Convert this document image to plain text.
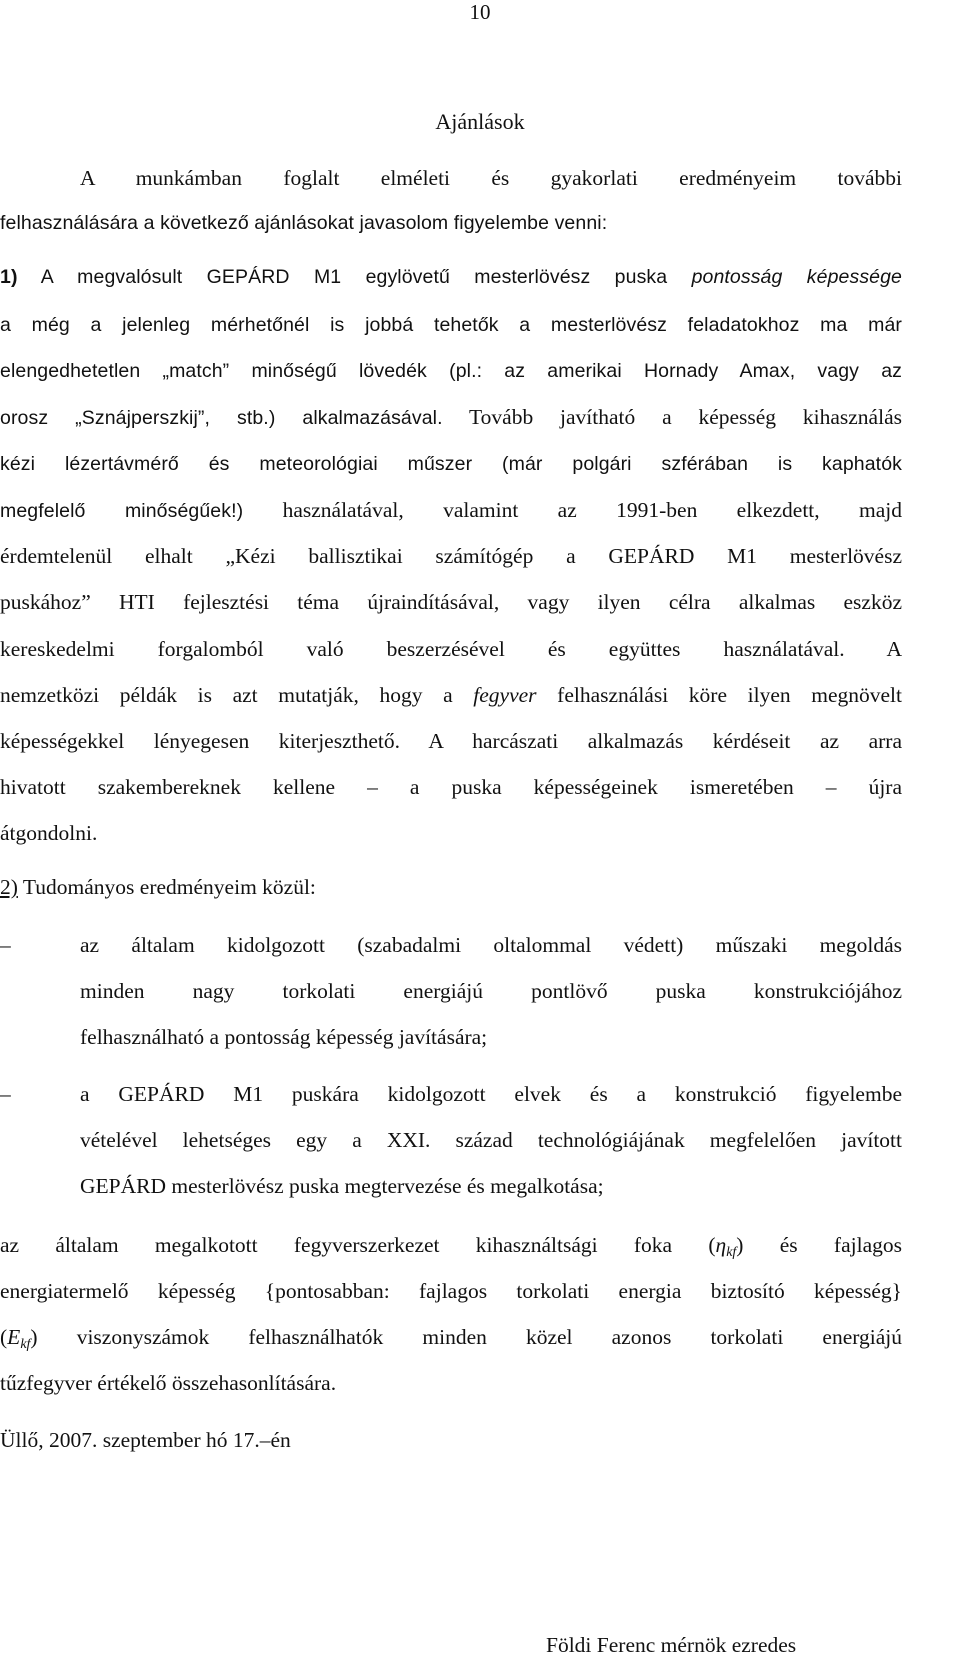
10
Ajánlások
A munkámban foglalt elméleti és gyakorlati eredményeim további
felhasználására a következő ajánlásokat javasolom figyelembe venni:
1) A megvalósult GEPÁRD M1 egylövetű mesterlövész puska pontosság képessége
a még a jelenleg mérhetőnél is jobbá tehetők a mesterlövész feladatokhoz ma már
elengedhetetlen „match” minőségű lövedék (pl.: az amerikai Hornady Amax, vagy az
orosz „Sznájperszkij”, stb.) alkalmazásával. Tovább javítható a képesség kihasználás
kézi lézertávmérő és meteorológiai műszer (már polgári szférában is kaphatók
megfelelő minőségűek!) használatával, valamint az 1991-ben elkezdett, majd
érdemtelenül elhalt „Kézi ballisztikai számítógép a GEPÁRD M1 mesterlövész
puskához” HTI fejlesztési téma újraindításával, vagy ilyen célra alkalmas eszköz
kereskedelmi forgalomból való beszerzésével és együttes használatával. A
nemzetközi példák is azt mutatják, hogy a fegyver felhasználási köre ilyen megnövelt
képességekkel lényegesen kiterjeszthető. A harcászati alkalmazás kérdéseit az arra
hivatott szakembereknek kellene – a puska képességeinek ismeretében – újra
átgondolni.
2) Tudományos eredményeim közül:
–	az általam kidolgozott (szabadalmi oltalommal védett) műszaki megoldás
minden nagy torkolati energiájú pontlövő puska konstrukciójához
felhasználható a pontosság képesség javítására;
–	a GEPÁRD M1 puskára kidolgozott elvek és a konstrukció figyelembe
vételével lehetséges egy a XXI. század technológiájának megfelelően javított
GEPÁRD mesterlövész puska megtervezése és megalkotása;
az általam megalkotott fegyverszerkezet kihasználtsági foka $(\eta_{kf})$ és fajlagos
energiatermelő képesség {pontosabban: fajlagos torkolati energia biztosító képesség}
$(E_{kf})$ viszonyszámok felhasználhatók minden közel azonos torkolati energiájú
tűzfegyver értékelő összehasonlítására.
Üllő, 2007. szeptember hó 17.–én
Földi Ferenc mérnök ezredes
